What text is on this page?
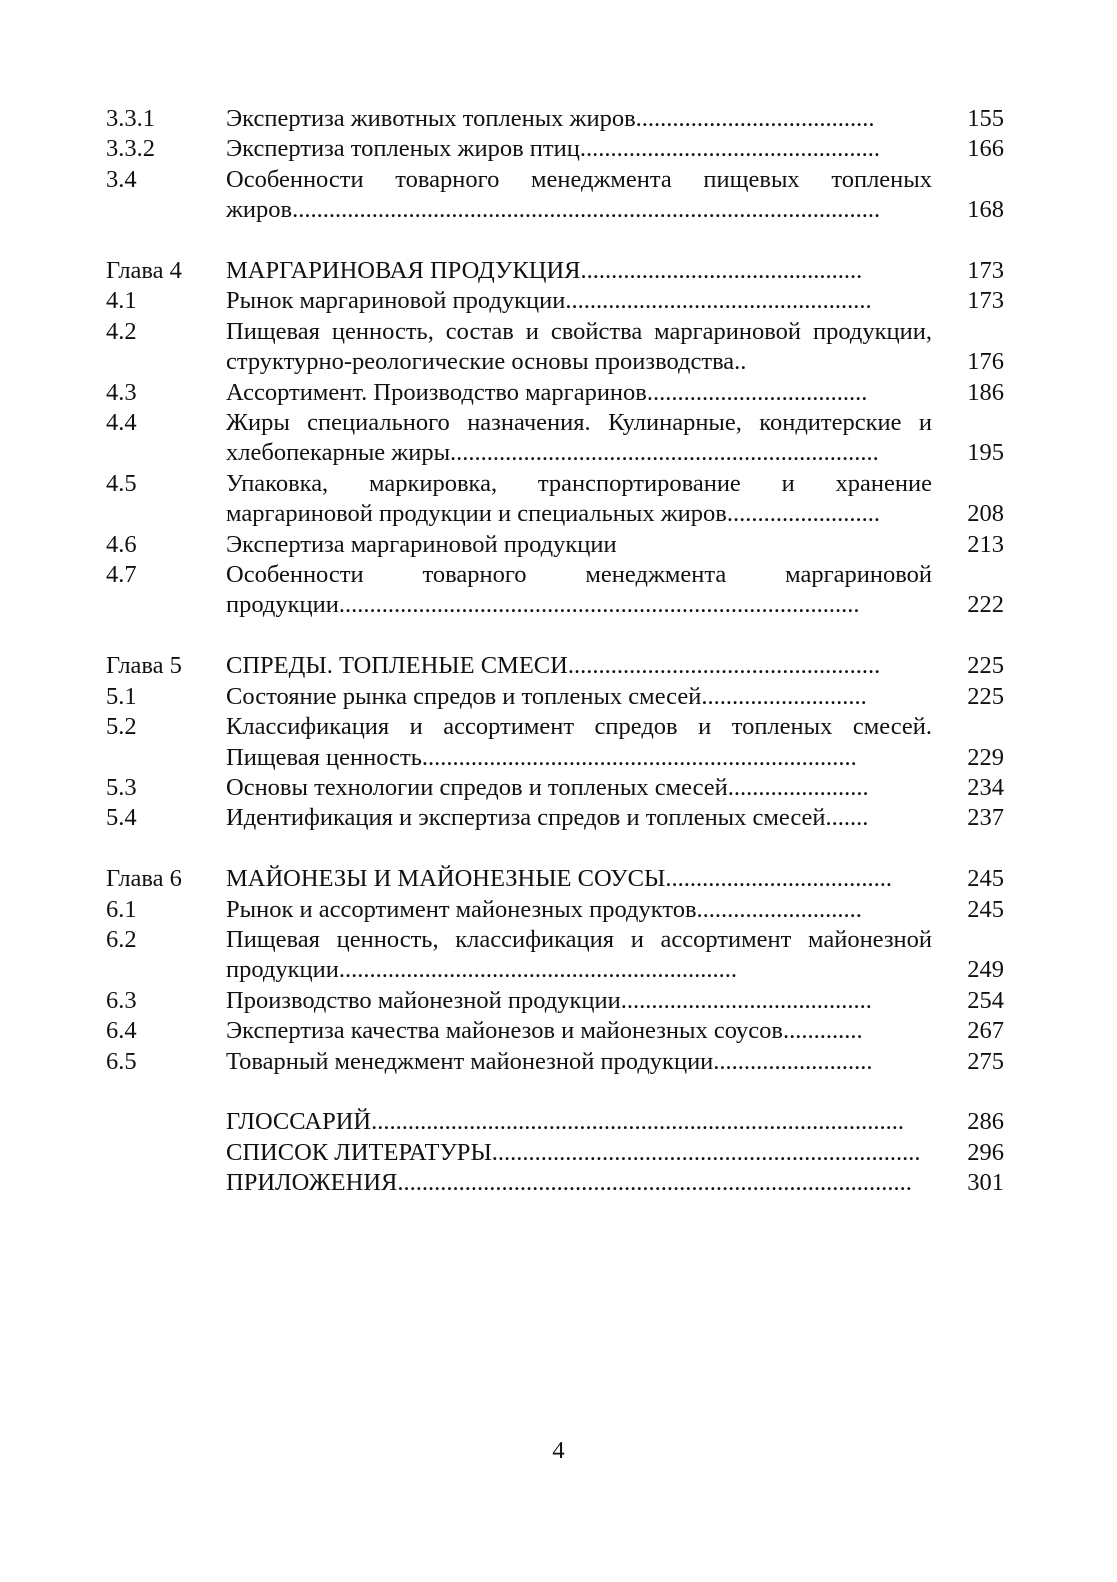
3.3.1	Экспертиза животных топленых жиров.......................................	155
3.3.2	Экспертиза топленых жиров птиц.................................................	166
3.4	Особенности товарного менеджмента пищевых топленых жиров................................................................................................	168
Глава 4	МАРГАРИНОВАЯ ПРОДУКЦИЯ..............................................	173
4.1	Рынок маргариновой продукции..................................................	173
4.2	Пищевая ценность, состав и свойства маргариновой продукции, структурно-реологические основы производства..	176
4.3	Ассортимент. Производство маргаринов....................................	186
4.4	Жиры специального назначения. Кулинарные, кондитерские и хлебопекарные жиры......................................................................	195
4.5	Упаковка, маркировка, транспортирование и хранение маргариновой продукции и специальных жиров.........................	208
4.6	Экспертиза маргариновой продукции	213
4.7	Особенности товарного менеджмента маргариновой продукции.....................................................................................	222
Глава 5	СПРЕДЫ. ТОПЛЕНЫЕ СМЕСИ...................................................	225
5.1	Состояние рынка спредов и топленых смесей...........................	225
5.2	Классификация и ассортимент спредов и топленых смесей. Пищевая ценность.......................................................................	229
5.3	Основы технологии спредов и топленых смесей.......................	234
5.4	Идентификация и экспертиза спредов и топленых смесей.......	237
Глава 6	МАЙОНЕЗЫ И МАЙОНЕЗНЫЕ СОУСЫ.....................................	245
6.1	Рынок и ассортимент майонезных продуктов...........................	245
6.2	Пищевая ценность, классификация и ассортимент майонезной продукции.................................................................	249
6.3	Производство майонезной продукции.........................................	254
6.4	Экспертиза качества майонезов и майонезных соусов.............	267
6.5	Товарный менеджмент майонезной продукции..........................	275
ГЛОССАРИЙ.......................................................................................	286
СПИСОК ЛИТЕРАТУРЫ......................................................................	296
ПРИЛОЖЕНИЯ....................................................................................	301
4
